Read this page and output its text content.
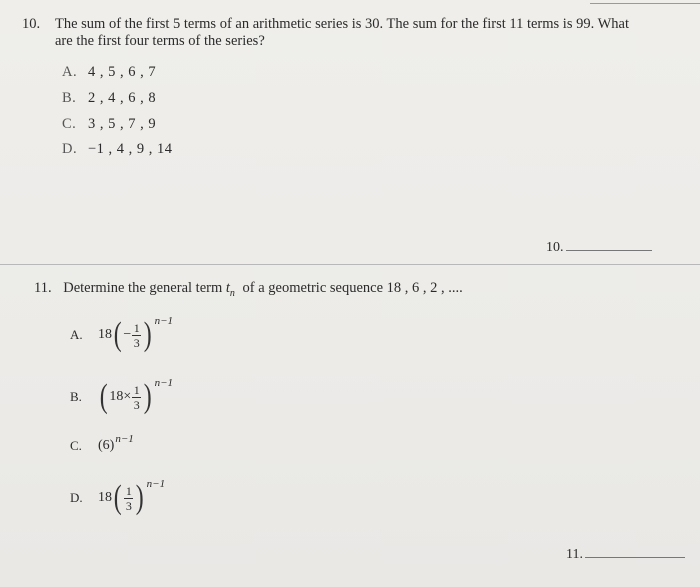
10. The sum of the first 5 terms of an arithmetic series is 30. The sum for the first 11 terms is 99. What
are the first four terms of the series?
A. 4 , 5 , 6 , 7
B. 2 , 4 , 6 , 8
C. 3 , 5 , 7 , 9
D. −1 , 4 , 9 , 14
10.
11. Determine the general term $t_n$ of a geometric sequence 18 , 6 , 2 , ....
A.	18 ( − $\frac{1}{3}$ ) n−1
B. ( $18\times \frac{1}{3}$ ) n−1
C.	(6) n−1
D.	18 ( $\frac{1}{3}$ ) n−1
11.
